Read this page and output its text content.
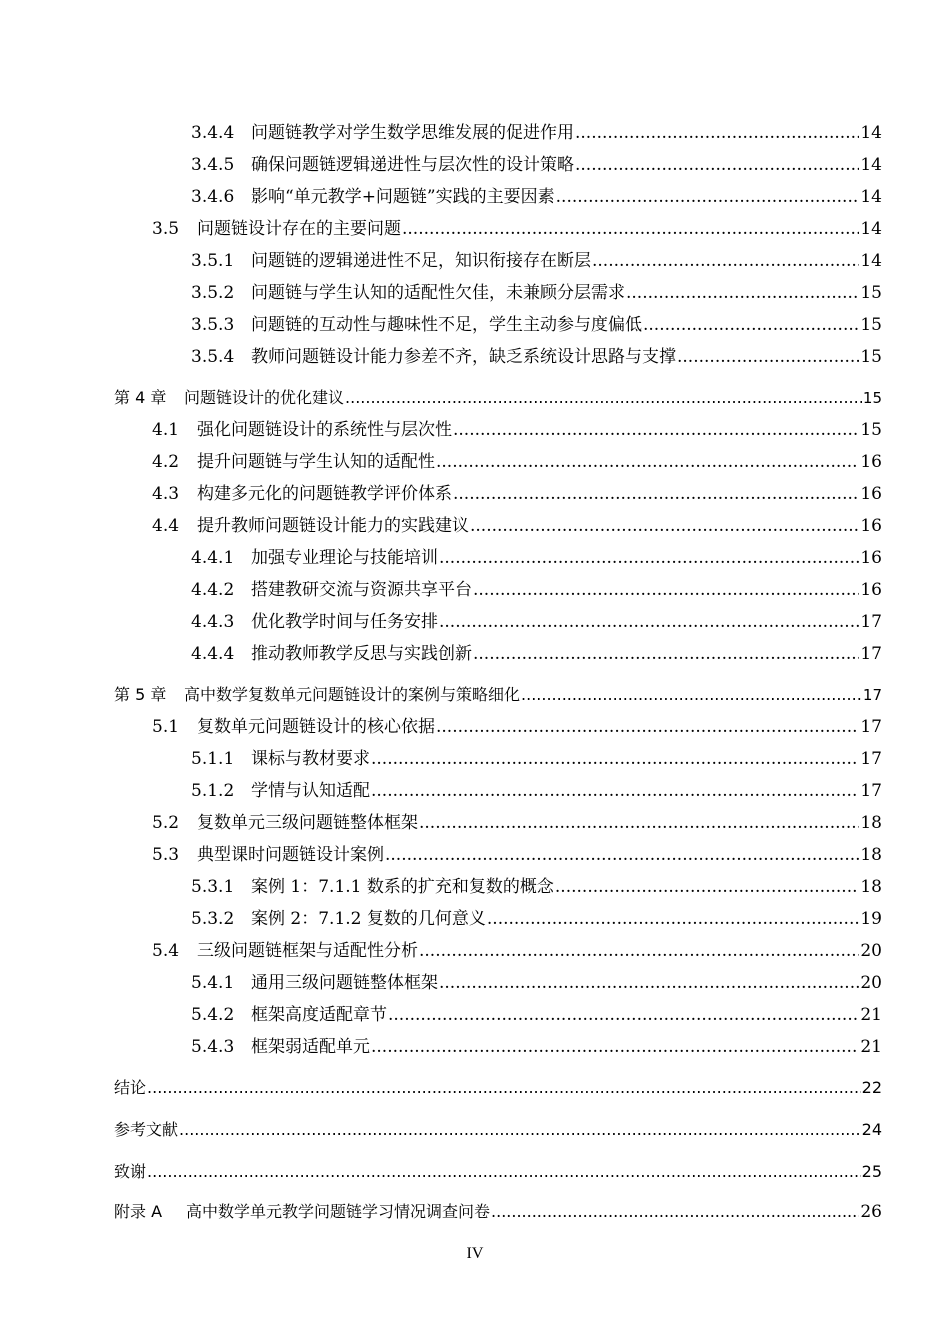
3.4.4 问题链教学对学生数学思维发展的促进作用 .....	14
3.4.5 确保问题链逻辑递进性与层次性的设计策略 .....	14
3.4.6 影响“单元教学+问题链”实践的主要因素 .....	14
3.5	问题链设计存在的主要问题 .....	14
3.5.1 问题链的逻辑递进性不足，知识衔接存在断层 .....	14
3.5.2 问题链与学生认知的适配性欠佳，未兼顾分层需求 .....	15
3.5.3 问题链的互动性与趣味性不足，学生主动参与度偏低 .....	15
3.5.4 教师问题链设计能力参差不齐，缺乏系统设计思路与支撑 .....	15
第 4 章	问题链设计的优化建议 .....	15
4.1	强化问题链设计的系统性与层次性 .....	15
4.2	提升问题链与学生认知的适配性 .....	16
4.3	构建多元化的问题链教学评价体系 .....	16
4.4	提升教师问题链设计能力的实践建议 .....	16
4.4.1 加强专业理论与技能培训 .....	16
4.4.2 搭建教研交流与资源共享平台 .....	16
4.4.3 优化教学时间与任务安排 .....	17
4.4.4 推动教师教学反思与实践创新 .....	17
第 5 章	高中数学复数单元问题链设计的案例与策略细化 .....	17
5.1	复数单元问题链设计的核心依据 .....	17
5.1.1 课标与教材要求 .....	17
5.1.2 学情与认知适配 .....	17
5.2	复数单元三级问题链整体框架 .....	18
5.3	典型课时问题链设计案例 .....	18
5.3.1 案例 1：7.1.1 数系的扩充和复数的概念 .....	18
5.3.2 案例 2：7.1.2 复数的几何意义 .....	19
5.4	三级问题链框架与适配性分析 .....	20
5.4.1 通用三级问题链整体框架 .....	20
5.4.2 框架高度适配章节 .....	21
5.4.3 框架弱适配单元 .....	21
结论 .....	22
参考文献 .....	24
致谢 .....	25
附录 A	高中数学单元教学问题链学习情况调查问卷 .....	26
IV
